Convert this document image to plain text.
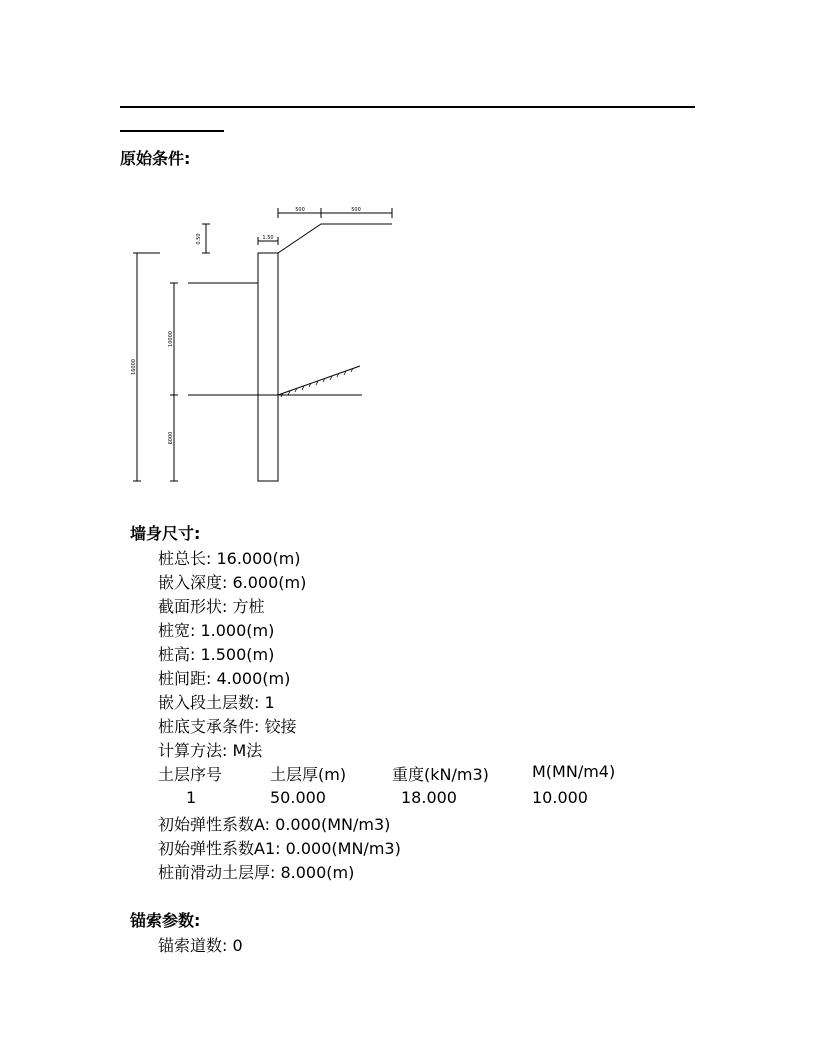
原始条件:
500	500
1.50
0.50
16000
10000
6000
墙身尺寸:
桩总长: 16.000(m)
嵌入深度: 6.000(m)
截面形状: 方桩
桩宽: 1.000(m)
桩高: 1.500(m)
桩间距: 4.000(m)
嵌入段土层数: 1
桩底支承条件: 铰接
计算方法: M法
土层序号	土层厚(m)	重度(kN/m3)	M(MN/m4)
1	50.000	18.000	10.000
初始弹性系数A: 0.000(MN/m3)
初始弹性系数A1: 0.000(MN/m3)
桩前滑动土层厚: 8.000(m)
锚索参数:
锚索道数: 0
